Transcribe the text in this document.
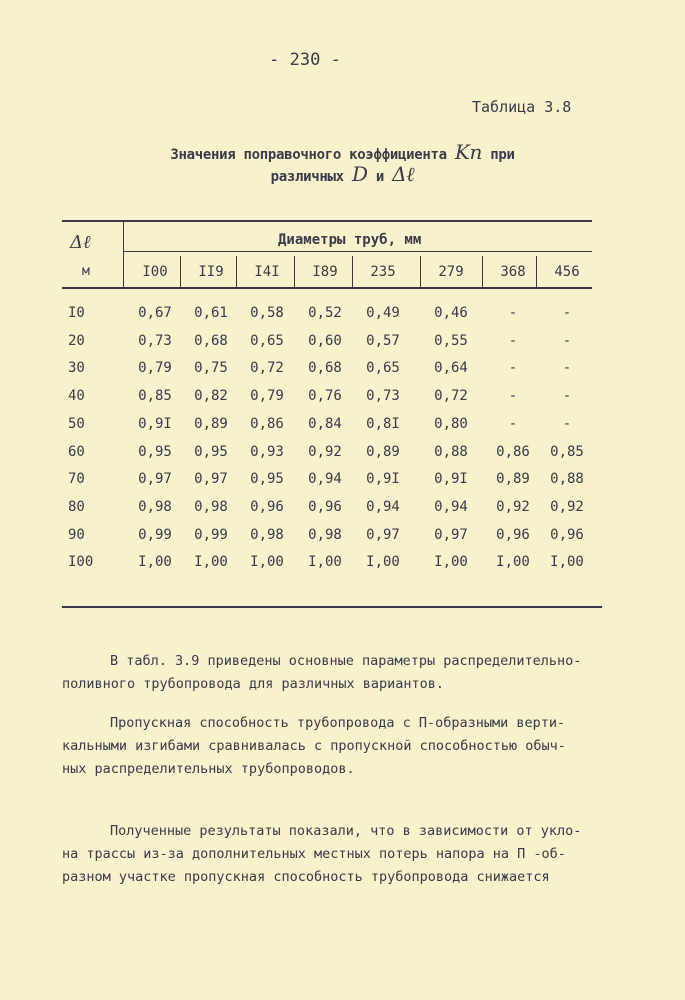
- 230 -
Таблица 3.8
Значения поправочного коэффициента Kп при
различных D и Δℓ
Δℓ
м
Диаметры труб, мм
I00	II9	I4I	I89	235	279	368	456
I0	0,67	0,61	0,58	0,52	0,49	0,46	-	-
20	0,73	0,68	0,65	0,60	0,57	0,55	-	-
30	0,79	0,75	0,72	0,68	0,65	0,64	-	-
40	0,85	0,82	0,79	0,76	0,73	0,72	-	-
50	0,9I	0,89	0,86	0,84	0,8I	0,80	-	-
60	0,95	0,95	0,93	0,92	0,89	0,88	0,86	0,85
70	0,97	0,97	0,95	0,94	0,9I	0,9I	0,89	0,88
80	0,98	0,98	0,96	0,96	0,94	0,94	0,92	0,92
90	0,99	0,99	0,98	0,98	0,97	0,97	0,96	0,96
I00	I,00	I,00	I,00	I,00	I,00	I,00	I,00	I,00
В табл. 3.9 приведены основные параметры распределительно-
поливного трубопровода для различных вариантов.
Пропускная способность трубопровода с П-образными верти-
кальными изгибами сравнивалась с пропускной способностью обыч-
ных распределительных трубопроводов.
Полученные результаты показали, что в зависимости от укло-
на трассы из-за дополнительных местных потерь напора на П -об-
разном участке пропускная способность трубопровода снижается
